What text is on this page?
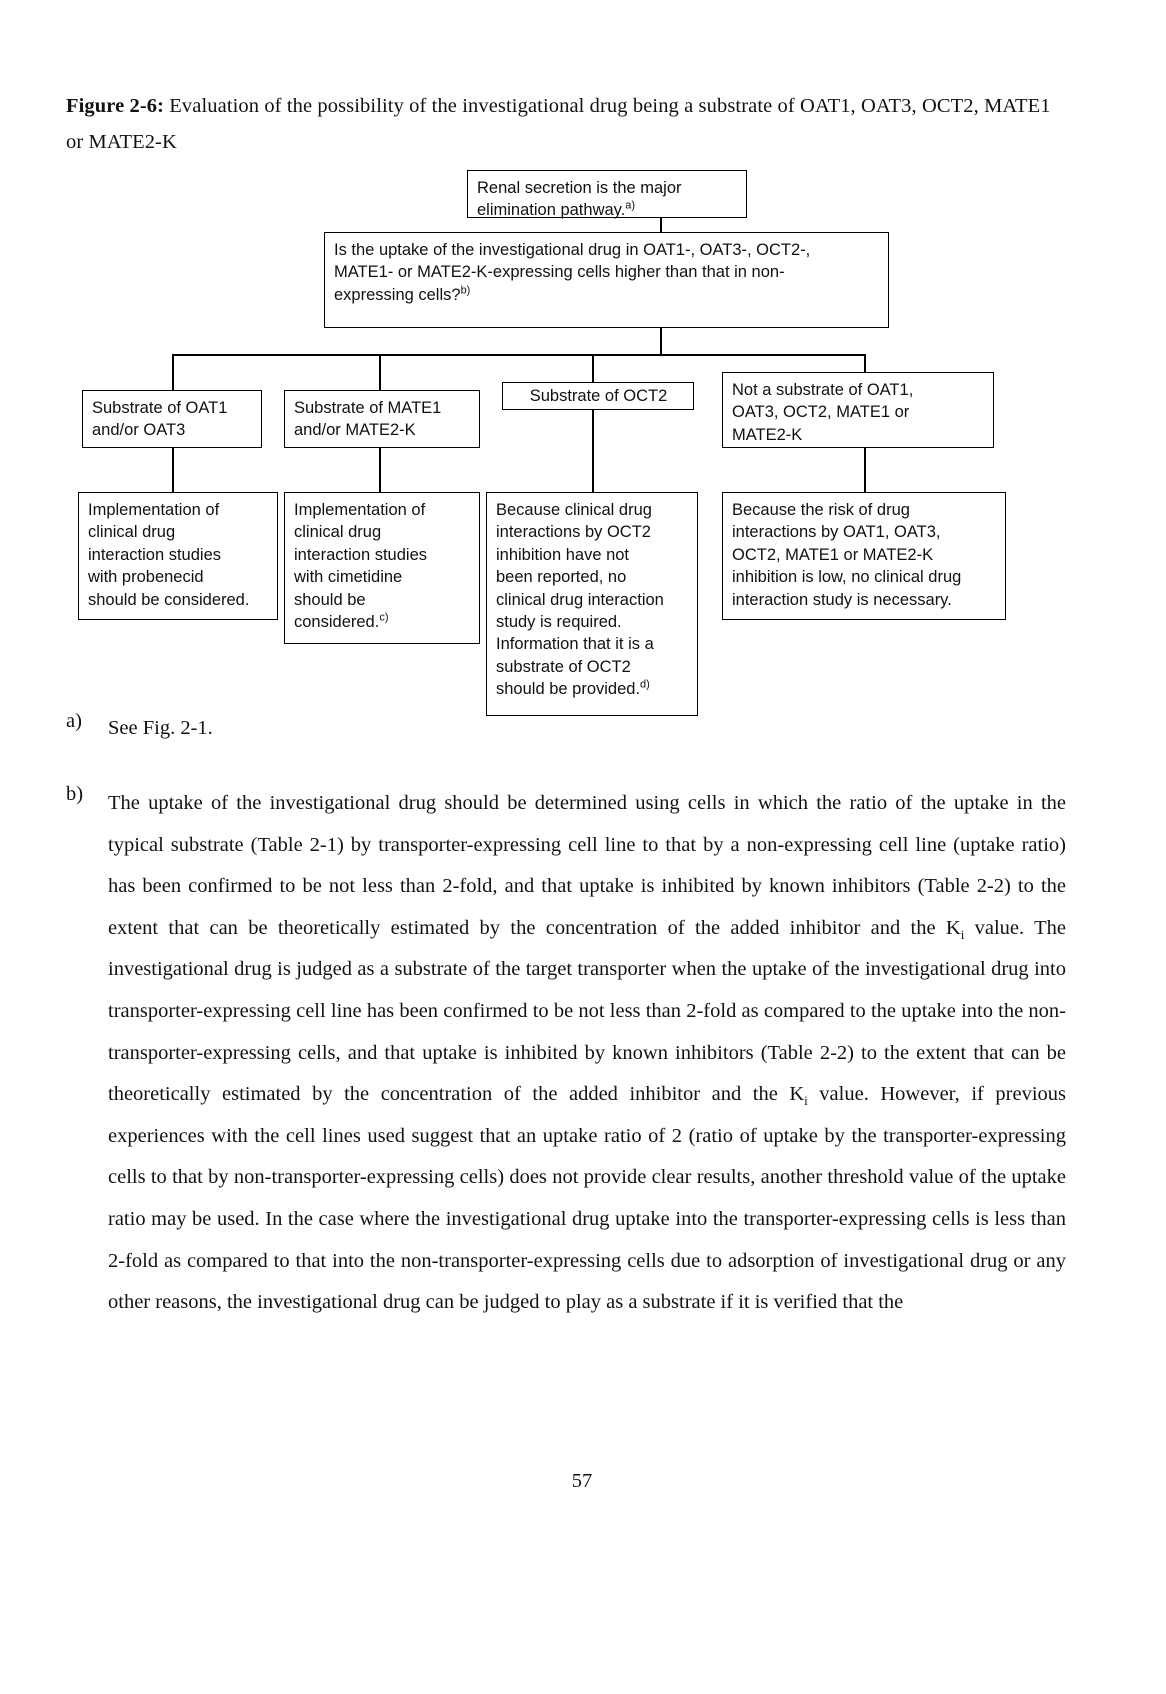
Figure 2-6: Evaluation of the possibility of the investigational drug being a substrate of OAT1, OAT3, OCT2, MATE1 or MATE2-K
Renal secretion is the major
elimination pathway.$^{a)}$
Is the uptake of the investigational drug in OAT1-, OAT3-, OCT2-,
MATE1- or MATE2-K-expressing cells higher than that in non-
expressing cells?$^{b)}$
Substrate of OAT1
and/or OAT3
Substrate of MATE1
and/or MATE2-K
Substrate of OCT2	Not a substrate of OAT1,
OAT3, OCT2, MATE1 or
MATE2-K
Implementation of
clinical drug
interaction studies
with probenecid
should be considered.
Implementation of
clinical drug
interaction studies
with cimetidine
should be
considered.$^{c)}$
Because clinical drug
interactions by OCT2
inhibition have not
been reported, no
clinical drug interaction
study is required.
Information that it is a
substrate of OCT2
should be provided.$^{d)}$
Because the risk of drug
interactions by OAT1, OAT3,
OCT2, MATE1 or MATE2-K
inhibition is low, no clinical drug
interaction study is necessary.
a) See Fig. 2-1.
b) The uptake of the investigational drug should be determined using cells in which the ratio of the uptake in the typical substrate (Table 2-1) by transporter-expressing cell line to that by a non-expressing cell line (uptake ratio) has been confirmed to be not less than 2-fold, and that uptake is inhibited by known inhibitors (Table 2-2) to the extent that can be theoretically estimated by the concentration of the added inhibitor and the $K_i$ value. The investigational drug is judged as a substrate of the target transporter when the uptake of the investigational drug into transporter-expressing cell line has been confirmed to be not less than 2-fold as compared to the uptake into the non-transporter-expressing cells, and that uptake is inhibited by known inhibitors (Table 2-2) to the extent that can be theoretically estimated by the concentration of the added inhibitor and the $K_i$ value. However, if previous experiences with the cell lines used suggest that an uptake ratio of 2 (ratio of uptake by the transporter-expressing cells to that by non-transporter-expressing cells) does not provide clear results, another threshold value of the uptake ratio may be used. In the case where the investigational drug uptake into the transporter-expressing cells is less than 2-fold as compared to that into the non-transporter-expressing cells due to adsorption of investigational drug or any other reasons, the investigational drug can be judged to play as a substrate if it is verified that the
57
